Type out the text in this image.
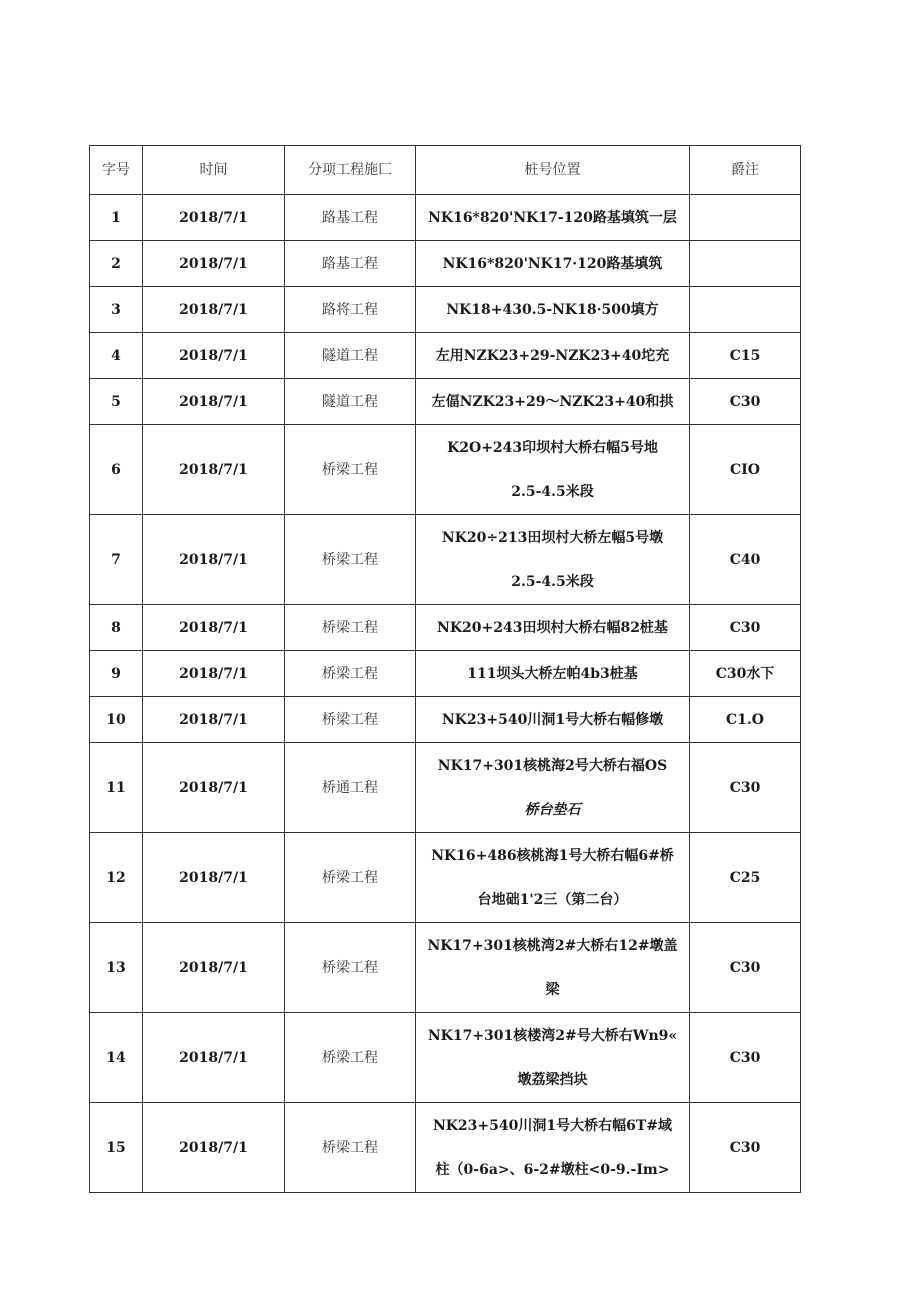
字号	时间	分项工程施匚	桩号位置	爵注
1	2018/7/1	路基工程	NK16*820'NK17-120路基填筑一层	

2	2018/7/1	路基工程	NK16*820'NK17·120路基填筑	

3	2018/7/1	路将工程	NK18+430.5-NK18·500填方	

4	2018/7/1	隧道工程	左用NZK23+29-NZK23+40坨充	C15
5	2018/7/1	隧道工程	左偪NZK23+29～NZK23+40和拱	C30
6	2018/7/1	桥梁工程	K2O+243印坝村大桥右幅5号地
2.5-4.5米段	CIO
7	2018/7/1	桥梁工程	NK20÷213田坝村大桥左幅5号墩
2.5-4.5米段	C40
8	2018/7/1	桥梁工程	NK20+243田坝村大桥右幅82桩基	C30
9	2018/7/1	桥梁工程	111坝头大桥左帕4b3桩基	C30水下
10	2018/7/1	桥梁工程	NK23+540川洞1号大桥右幅修墩	C1.O
11	2018/7/1	桥通工程	NK17+301核桃海2号大桥右福OS
桥台垫石	C30
12	2018/7/1	桥梁工程	NK16+486核桃海1号大桥右幅6#桥
台地础1'2三（第二台）	C25
13	2018/7/1	桥梁工程	NK17+301核桃湾2#大桥右12#墩盖
梁	C30
14	2018/7/1	桥梁工程	NK17+301核楼湾2#号大桥右Wn9«
墩荔梁挡块	C30
15	2018/7/1	桥梁工程	NK23+540川洞1号大桥右幅6T#域
柱（0-6a>、6-2#墩柱<0-9.-Im>	C30
